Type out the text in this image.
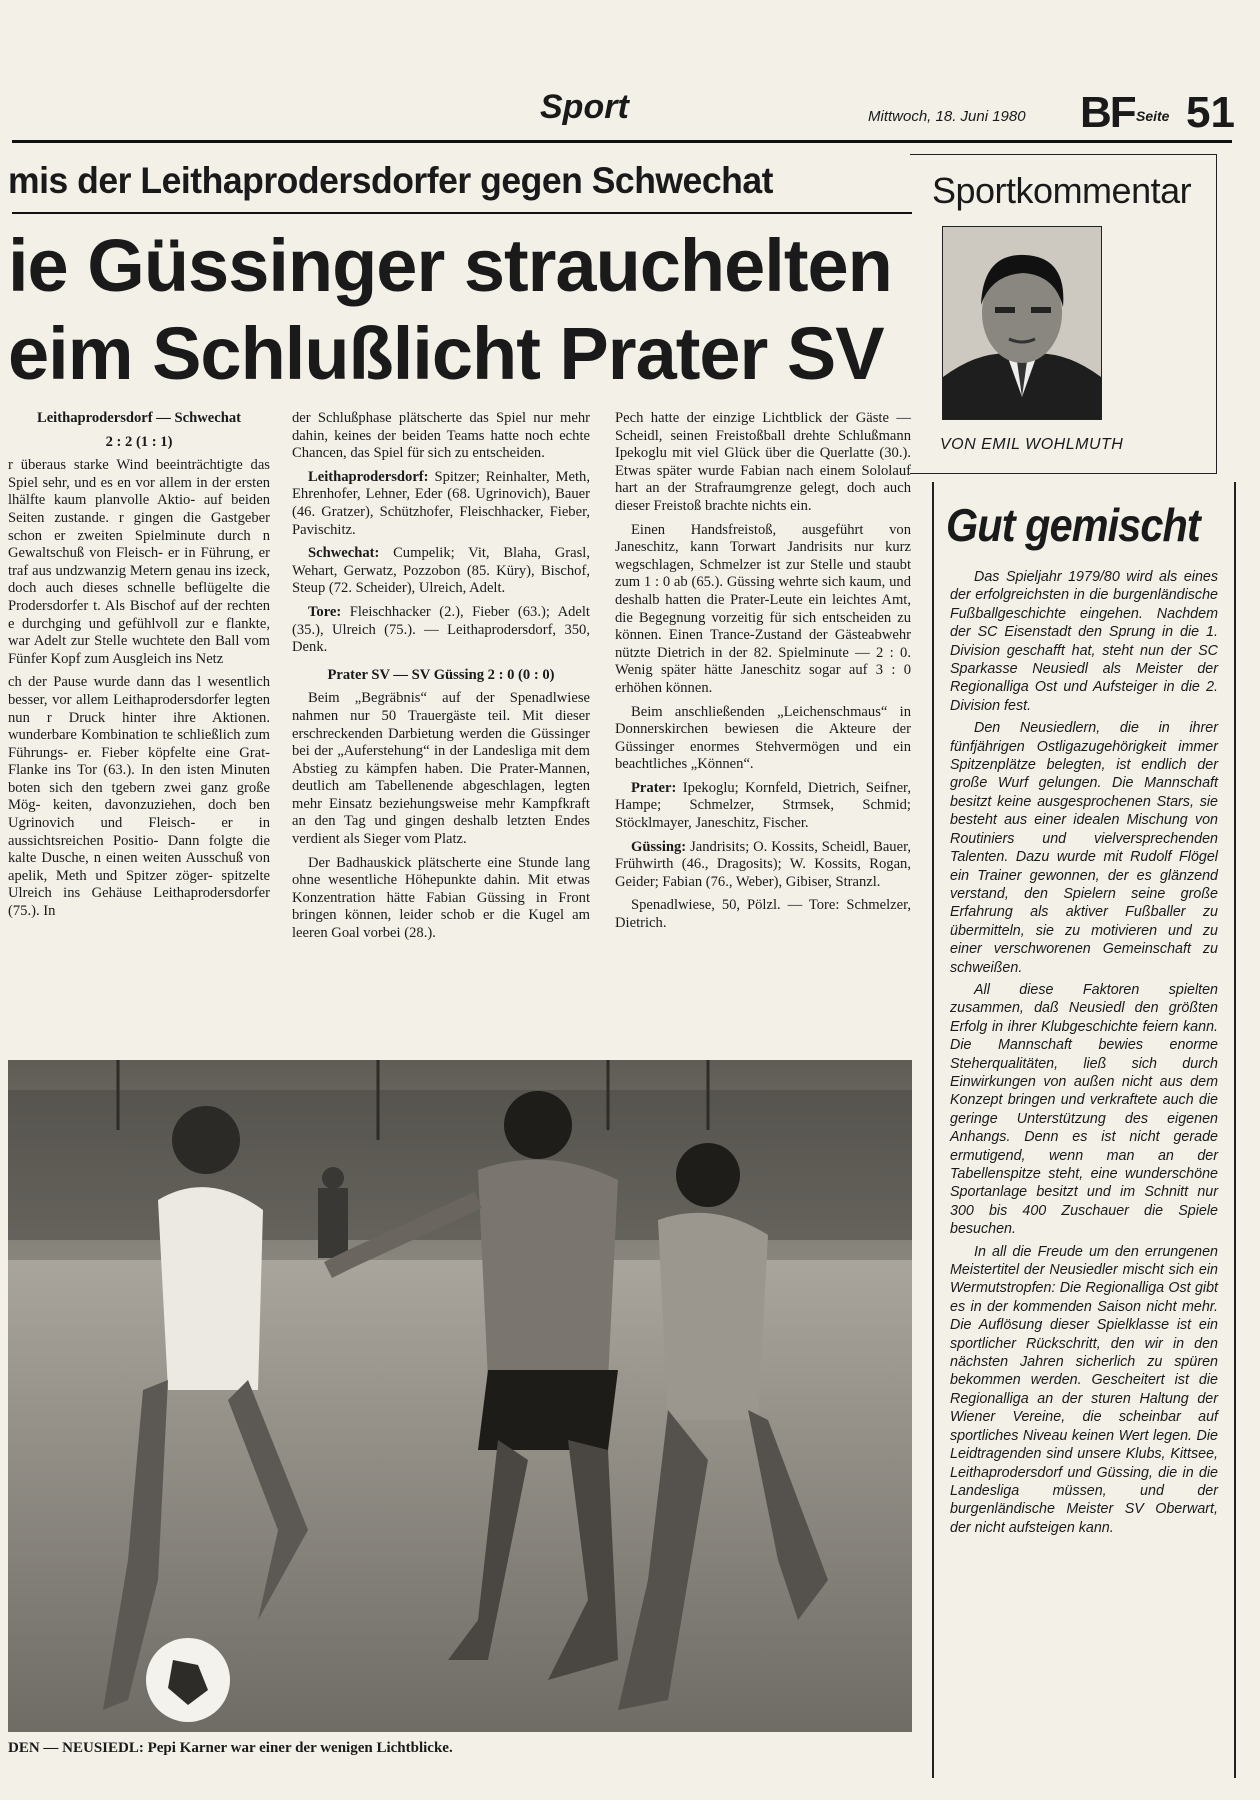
Sport	Mittwoch, 18. Juni 1980 BF Seite 51
mis der Leithaprodersdorfer gegen Schwechat
ie Güssinger strauchelten
eim Schlußlicht Prater SV

Leithaprodersdorf — Schwechat

2 : 2 (1 : 1)

r überaus starke Wind beeinträchtigte das Spiel sehr, und es en vor allem in der ersten lhälfte kaum planvolle Aktio- auf beiden Seiten zustande. r gingen die Gastgeber schon er zweiten Spielminute durch n Gewaltschuß von Fleisch- er in Führung, er traf aus undzwanzig Metern genau ins izeck, doch auch dieses schnelle beflügelte die Prodersdorfer t. Als Bischof auf der rechten e durchging und gefühlvoll zur e flankte, war Adelt zur Stelle wuchtete den Ball vom Fünfer Kopf zum Ausgleich ins Netz

ch der Pause wurde dann das l wesentlich besser, vor allem Leithaprodersdorfer legten nun r Druck hinter ihre Aktionen. wunderbare Kombination te schließlich zum Führungs- er. Fieber köpfelte eine Grat- Flanke ins Tor (63.). In den isten Minuten boten sich den tgebern zwei ganz große Mög- keiten, davonzuziehen, doch ben Ugrinovich und Fleisch- er in aussichtsreichen Positio- Dann folgte die kalte Dusche, n einen weiten Ausschuß von apelik, Meth und Spitzer zöger- spitzelte Ulreich ins Gehäuse Leithaprodersdorfer (75.). In

der Schlußphase plätscherte das Spiel nur mehr dahin, keines der beiden Teams hatte noch echte Chancen, das Spiel für sich zu entscheiden.

Leithaprodersdorf: Spitzer; Reinhalter, Meth, Ehrenhofer, Lehner, Eder (68. Ugrinovich), Bauer (46. Gratzer), Schützhofer, Fleischhacker, Fieber, Pavischitz.

Schwechat: Cumpelik; Vit, Blaha, Grasl, Wehart, Gerwatz, Pozzobon (85. Küry), Bischof, Steup (72. Scheider), Ulreich, Adelt.

Tore: Fleischhacker (2.), Fieber (63.); Adelt (35.), Ulreich (75.). — Leithaprodersdorf, 350, Denk.

Prater SV — SV Güssing 2 : 0 (0 : 0)

Beim „Begräbnis“ auf der Spenadlwiese nahmen nur 50 Trauergäste teil. Mit dieser erschreckenden Darbietung werden die Güssinger bei der „Auferstehung“ in der Landesliga mit dem Abstieg zu kämpfen haben. Die Prater-Mannen, deutlich am Tabellenende abgeschlagen, legten mehr Einsatz beziehungsweise mehr Kampfkraft an den Tag und gingen deshalb letzten Endes verdient als Sieger vom Platz.

Der Badhauskick plätscherte eine Stunde lang ohne wesentliche Höhepunkte dahin. Mit etwas Konzentration hätte Fabian Güssing in Front bringen können, leider schob er die Kugel am leeren Goal vorbei (28.).

Pech hatte der einzige Lichtblick der Gäste — Scheidl, seinen Freistoßball drehte Schlußmann Ipekoglu mit viel Glück über die Querlatte (30.). Etwas später wurde Fabian nach einem Sololauf hart an der Strafraumgrenze gelegt, doch auch dieser Freistoß brachte nichts ein.

Einen Handsfreistoß, ausgeführt von Janeschitz, kann Torwart Jandrisits nur kurz wegschlagen, Schmelzer ist zur Stelle und staubt zum 1 : 0 ab (65.). Güssing wehrte sich kaum, und deshalb hatten die Prater-Leute ein leichtes Amt, die Begegnung vorzeitig für sich entscheiden zu können. Einen Trance-Zustand der Gästeabwehr nützte Dietrich in der 82. Spielminute — 2 : 0. Wenig später hätte Janeschitz sogar auf 3 : 0 erhöhen können.

Beim anschließenden „Leichenschmaus“ in Donnerskirchen bewiesen die Akteure der Güssinger enormes Stehvermögen und ein beachtliches „Können“.

Prater: Ipekoglu; Kornfeld, Dietrich, Seifner, Hampe; Schmelzer, Strmsek, Schmid; Stöcklmayer, Janeschitz, Fischer.

Güssing: Jandrisits; O. Kossits, Scheidl, Bauer, Frühwirth (46., Dragosits); W. Kossits, Rogan, Geider; Fabian (76., Weber), Gibiser, Stranzl.

Spenadlwiese, 50, Pölzl. — Tore: Schmelzer, Dietrich.

Sportkommentar
VON EMIL WOHLMUTH
Gut gemischt

Das Spieljahr 1979/80 wird als eines der erfolgreichsten in die burgenländische Fußballgeschichte eingehen. Nachdem der SC Eisenstadt den Sprung in die 1. Division geschafft hat, steht nun der SC Sparkasse Neusiedl als Meister der Regionalliga Ost und Aufsteiger in die 2. Division fest.

Den Neusiedlern, die in ihrer fünfjährigen Ostligazugehörigkeit immer Spitzenplätze belegten, ist endlich der große Wurf gelungen. Die Mannschaft besitzt keine ausgesprochenen Stars, sie besteht aus einer idealen Mischung von Routiniers und vielversprechenden Talenten. Dazu wurde mit Rudolf Flögel ein Trainer gewonnen, der es glänzend verstand, den Spielern seine große Erfahrung als aktiver Fußballer zu übermitteln, sie zu motivieren und zu einer verschworenen Gemeinschaft zu schweißen.

All diese Faktoren spielten zusammen, daß Neusiedl den größten Erfolg in ihrer Klubgeschichte feiern kann. Die Mannschaft bewies enorme Steherqualitäten, ließ sich durch Einwirkungen von außen nicht aus dem Konzept bringen und verkraftete auch die geringe Unterstützung des eigenen Anhangs. Denn es ist nicht gerade ermutigend, wenn man an der Tabellenspitze steht, eine wunderschöne Sportanlage besitzt und im Schnitt nur 300 bis 400 Zuschauer die Spiele besuchen.

In all die Freude um den errungenen Meistertitel der Neusiedler mischt sich ein Wermutstropfen: Die Regionalliga Ost gibt es in der kommenden Saison nicht mehr. Die Auflösung dieser Spielklasse ist ein sportlicher Rückschritt, den wir in den nächsten Jahren sicherlich zu spüren bekommen werden. Gescheitert ist die Regionalliga an der sturen Haltung der Wiener Vereine, die scheinbar auf sportliches Niveau keinen Wert legen. Die Leidtragenden sind unsere Klubs, Kittsee, Leithaprodersdorf und Güssing, die in die Landesliga müssen, und der burgenländische Meister SV Oberwart, der nicht aufsteigen kann.

DEN — NEUSIEDL: Pepi Karner war einer der wenigen Lichtblicke.
